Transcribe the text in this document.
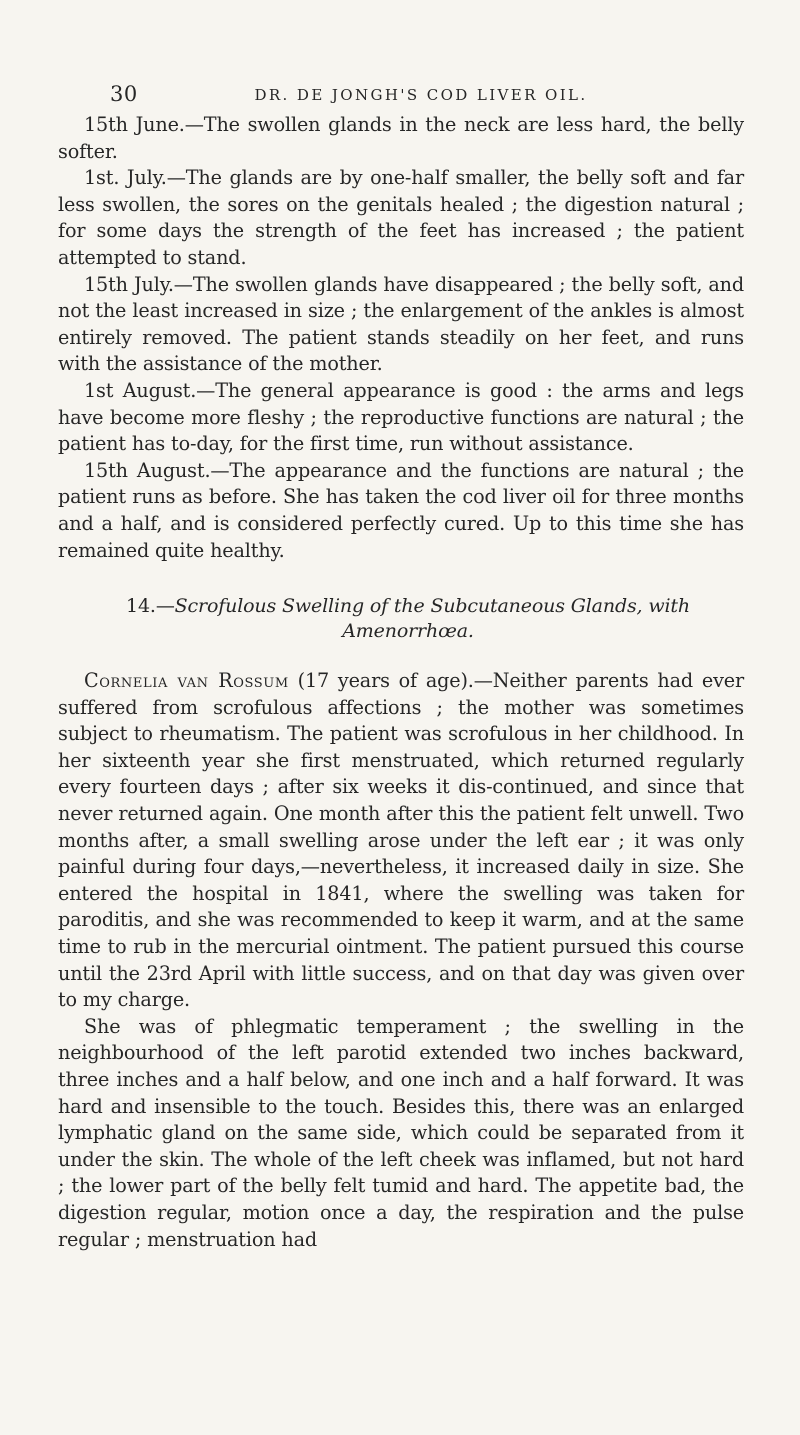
30	DR. DE JONGH'S COD LIVER OIL.

15th June.—The swollen glands in the neck are less hard, the belly softer.

1st. July.—The glands are by one-half smaller, the belly soft and far less swollen, the sores on the genitals healed ; the digestion natural ; for some days the strength of the feet has increased ; the patient attempted to stand.

15th July.—The swollen glands have disappeared ; the belly soft, and not the least increased in size ; the enlargement of the ankles is almost entirely removed. The patient stands steadily on her feet, and runs with the assistance of the mother.

1st August.—The general appearance is good : the arms and legs have become more fleshy ; the reproductive functions are natural ; the patient has to-day, for the first time, run without assistance.

15th August.—The appearance and the functions are natural ; the patient runs as before. She has taken the cod liver oil for three months and a half, and is considered perfectly cured. Up to this time she has remained quite healthy.

14.—Scrofulous Swelling of the Subcutaneous Glands, with
Amenorrhœa.

Cornelia van Rossum (17 years of age).—Neither parents had ever suffered from scrofulous affections ; the mother was sometimes subject to rheumatism. The patient was scrofulous in her childhood. In her sixteenth year she first menstruated, which returned regularly every fourteen days ; after six weeks it dis-continued, and since that never returned again. One month after this the patient felt unwell. Two months after, a small swelling arose under the left ear ; it was only painful during four days,—nevertheless, it increased daily in size. She entered the hospital in 1841, where the swelling was taken for paroditis, and she was recommended to keep it warm, and at the same time to rub in the mercurial ointment. The patient pursued this course until the 23rd April with little success, and on that day was given over to my charge.

She was of phlegmatic temperament ; the swelling in the neighbourhood of the left parotid extended two inches backward, three inches and a half below, and one inch and a half forward. It was hard and insensible to the touch. Besides this, there was an enlarged lymphatic gland on the same side, which could be separated from it under the skin. The whole of the left cheek was inflamed, but not hard ; the lower part of the belly felt tumid and hard. The appetite bad, the digestion regular, motion once a day, the respiration and the pulse regular ; menstruation had
